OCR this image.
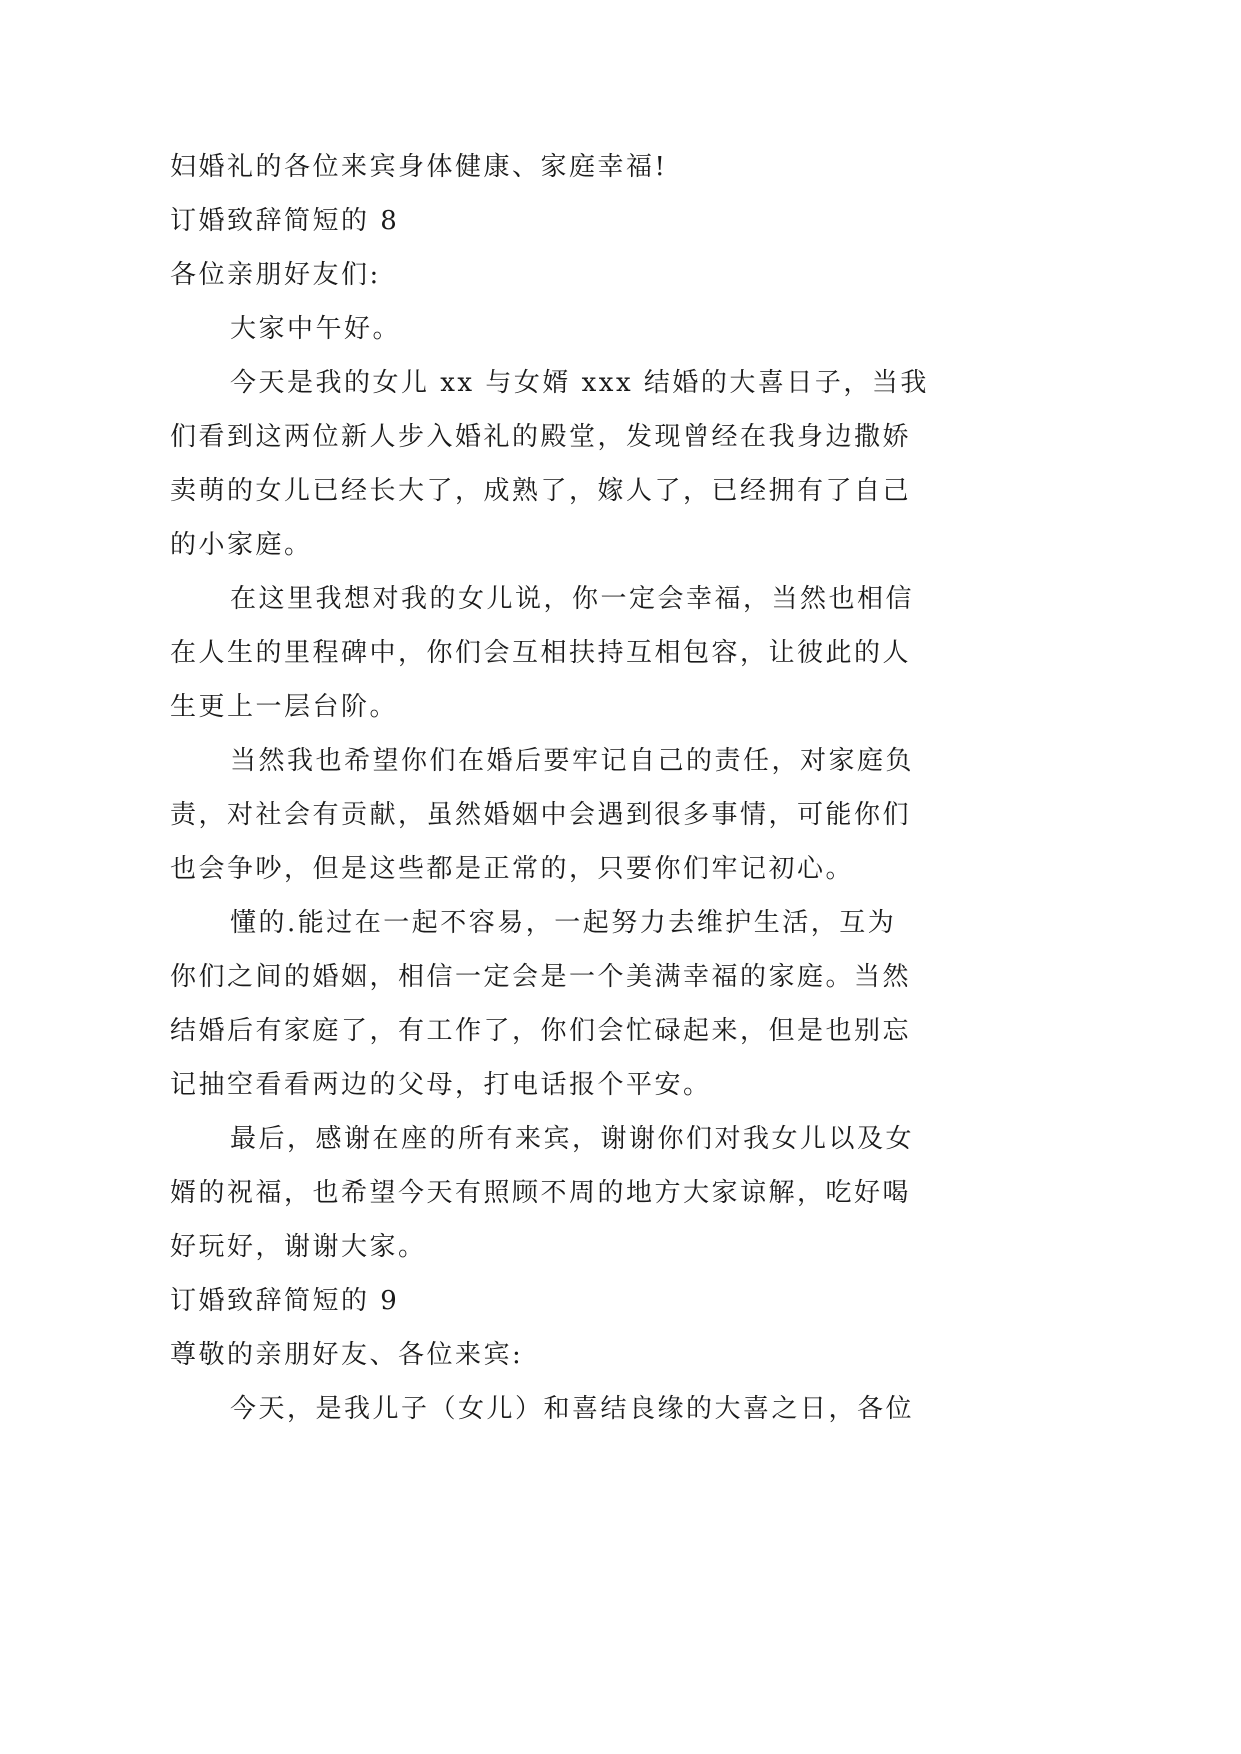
妇婚礼的各位来宾身体健康、家庭幸福!
订婚致辞简短的 8
各位亲朋好友们:
大家中午好。
今天是我的女儿 xx 与女婿 xxx 结婚的大喜日子，当我
们看到这两位新人步入婚礼的殿堂，发现曾经在我身边撒娇
卖萌的女儿已经长大了，成熟了，嫁人了，已经拥有了自己
的小家庭。
在这里我想对我的女儿说，你一定会幸福，当然也相信
在人生的里程碑中，你们会互相扶持互相包容，让彼此的人
生更上一层台阶。
当然我也希望你们在婚后要牢记自己的责任，对家庭负
责，对社会有贡献，虽然婚姻中会遇到很多事情，可能你们
也会争吵，但是这些都是正常的，只要你们牢记初心。
懂的.能过在一起不容易，一起努力去维护生活，互为
你们之间的婚姻，相信一定会是一个美满幸福的家庭。当然
结婚后有家庭了，有工作了，你们会忙碌起来，但是也别忘
记抽空看看两边的父母，打电话报个平安。
最后，感谢在座的所有来宾，谢谢你们对我女儿以及女
婿的祝福，也希望今天有照顾不周的地方大家谅解，吃好喝
好玩好，谢谢大家。
订婚致辞简短的 9
尊敬的亲朋好友、各位来宾:
今天，是我儿子（女儿）和喜结良缘的大喜之日，各位
